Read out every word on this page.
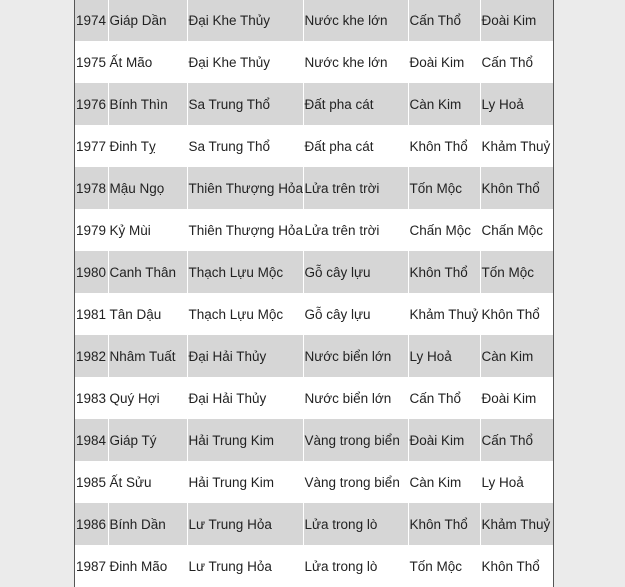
1974	Giáp Dần	Đại Khe Thủy	Nước khe lớn	Cấn Thổ	Đoài Kim
1975	Ất Mão	Đại Khe Thủy	Nước khe lớn	Đoài Kim	Cấn Thổ
1976	Bính Thìn	Sa Trung Thổ	Đất pha cát	Càn Kim	Ly Hoả
1977	Đinh Tỵ	Sa Trung Thổ	Đất pha cát	Khôn Thổ	Khảm Thuỷ
1978	Mậu Ngọ	Thiên Thượng Hỏa	Lửa trên trời	Tốn Mộc	Khôn Thổ
1979	Kỷ Mùi	Thiên Thượng Hỏa	Lửa trên trời	Chấn Mộc	Chấn Mộc
1980	Canh Thân	Thạch Lựu Mộc	Gỗ cây lựu	Khôn Thổ	Tốn Mộc
1981	Tân Dậu	Thạch Lựu Mộc	Gỗ cây lựu	Khảm Thuỷ	Khôn Thổ
1982	Nhâm Tuất	Đại Hải Thủy	Nước biển lớn	Ly Hoả	Càn Kim
1983	Quý Hợi	Đại Hải Thủy	Nước biển lớn	Cấn Thổ	Đoài Kim
1984	Giáp Tý	Hải Trung Kim	Vàng trong biển	Đoài Kim	Cấn Thổ
1985	Ất Sửu	Hải Trung Kim	Vàng trong biển	Càn Kim	Ly Hoả
1986	Bính Dần	Lư Trung Hỏa	Lửa trong lò	Khôn Thổ	Khảm Thuỷ
1987	Đinh Mão	Lư Trung Hỏa	Lửa trong lò	Tốn Mộc	Khôn Thổ
